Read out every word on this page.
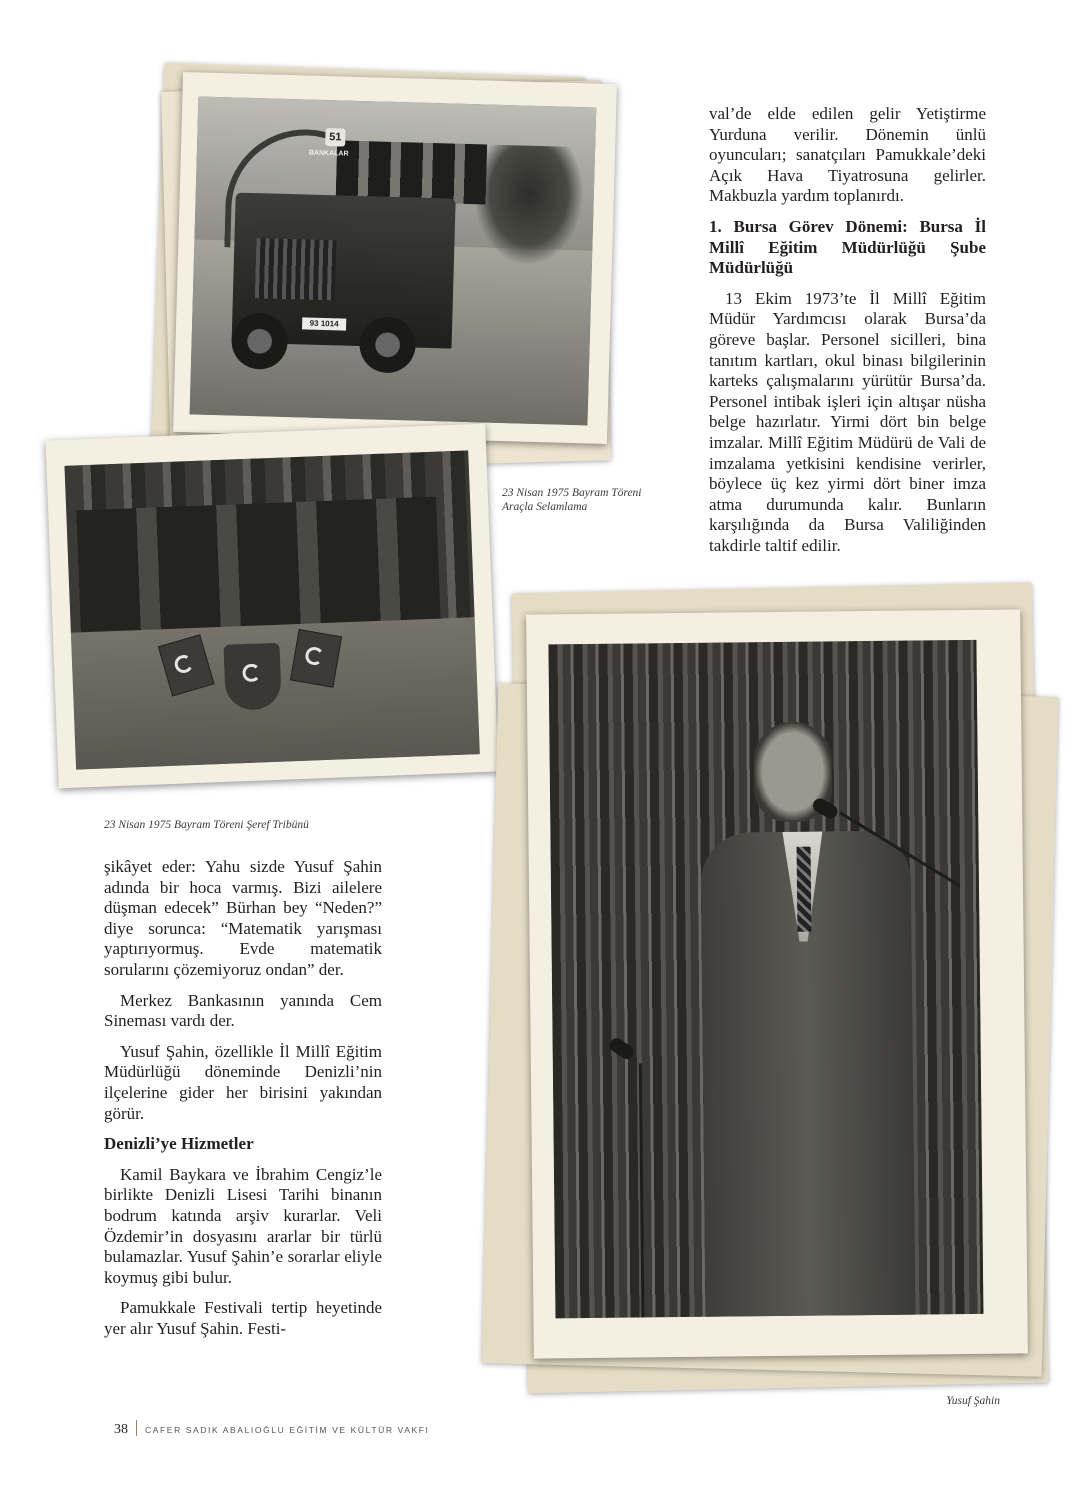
51
BANKALAR
93 1014
23 Nisan 1975 Bayram Töreni Araçla Selamlama
23 Nisan 1975 Bayram Töreni Şeref Tribünü
Yusuf Şahin

val’de elde edilen gelir Yetiştirme Yurduna verilir. Dönemin ünlü oyuncuları; sanatçıları Pamukkale’deki Açık Hava Tiyatrosuna gelirler. Makbuzla yardım toplanırdı.

1. Bursa Görev Dönemi: Bursa İl Millî Eğitim Müdürlüğü Şube Müdürlüğü

13 Ekim 1973’te İl Millî Eğitim Müdür Yardımcısı olarak Bursa’da göreve başlar. Personel sicilleri, bina tanıtım kartları, okul binası bilgilerinin karteks çalışmalarını yürütür Bursa’da. Personel intibak işleri için altışar nüsha belge hazırlatır. Yirmi dört bin belge imzalar. Millî Eğitim Müdürü de Vali de imzalama yetkisini kendisine verirler, böylece üç kez yirmi dört biner imza atma durumunda kalır. Bunların karşılığında da Bursa Valiliğinden takdirle taltif edilir.

şikâyet eder: Yahu sizde Yusuf Şahin adında bir hoca varmış. Bizi ailelere düşman edecek” Bürhan bey “Neden?” diye sorunca: “Matematik yarışması yaptırıyormuş. Evde matematik sorularını çözemiyoruz ondan” der.

Merkez Bankasının yanında Cem Sineması vardı der.

Yusuf Şahin, özellikle İl Millî Eğitim Müdürlüğü döneminde Denizli’nin ilçelerine gider her birisini yakından görür.

Denizli’ye Hizmetler

Kamil Baykara ve İbrahim Cengiz’le birlikte Denizli Lisesi Tarihi binanın bodrum katında arşiv kurarlar. Veli Özdemir’in dosyasını ararlar bir türlü bulamazlar. Yusuf Şahin’e sorarlar eliyle koymuş gibi bulur.

Pamukkale Festivali tertip heyetinde yer alır Yusuf Şahin. Festi-

38 CAFER SADIK ABALIOĞLU EĞİTİM VE KÜLTÜR VAKFI
